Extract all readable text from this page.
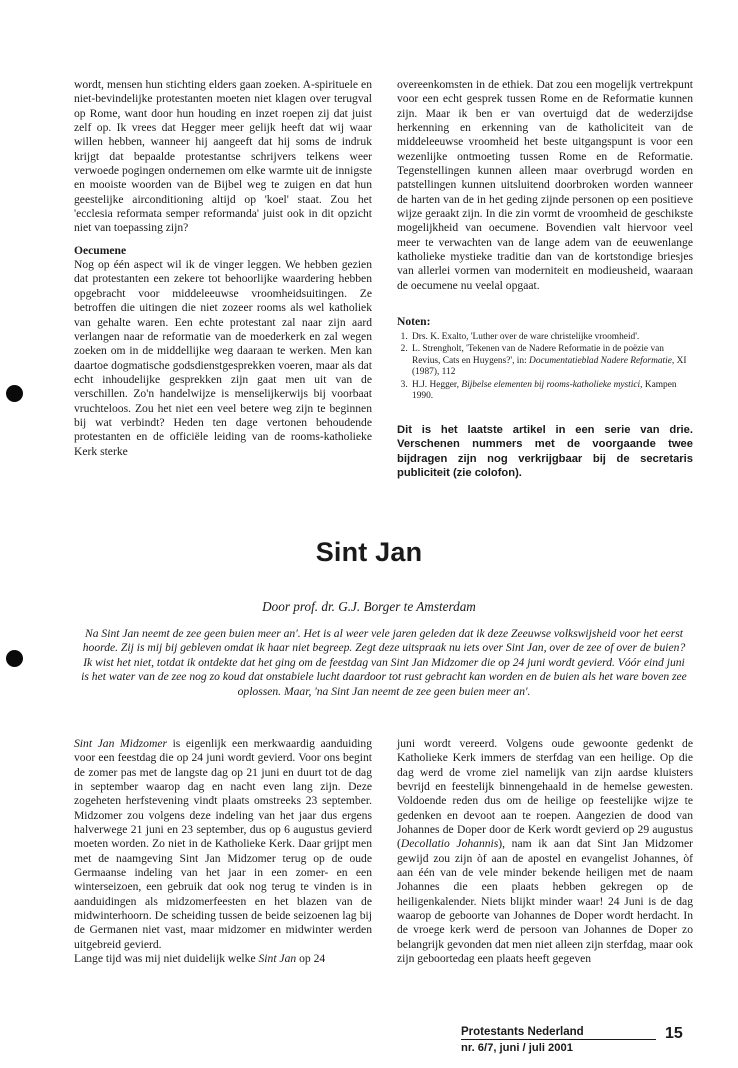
wordt, mensen hun stichting elders gaan zoeken. A-spirituele en niet-bevindelijke protestanten moeten niet klagen over terugval op Rome, want door hun houding en inzet roepen zij dat juist zelf op. Ik vrees dat Hegger meer gelijk heeft dat wij waar willen hebben, wanneer hij aangeeft dat hij soms de indruk krijgt dat bepaalde protestantse schrijvers telkens weer verwoede pogingen ondernemen om elke warmte uit de innigste en mooiste woorden van de Bijbel weg te zuigen en dat hun geestelijke airconditioning altijd op 'koel' staat. Zou het 'ecclesia reformata semper reformanda' juist ook in dit opzicht niet van toepassing zijn?

Oecumene

Nog op één aspect wil ik de vinger leggen. We hebben gezien dat protestanten een zekere tot behoorlijke waardering hebben opgebracht voor middeleeuwse vroomheidsuitingen. Ze betroffen die uitingen die niet zozeer rooms als wel katholiek van gehalte waren. Een echte protestant zal naar zijn aard verlangen naar de reformatie van de moederkerk en zal wegen zoeken om in de middellijke weg daaraan te werken. Men kan daartoe dogmatische godsdienstgesprekken voeren, maar als dat echt inhoudelijke gesprekken zijn gaat men uit van de verschillen. Zo'n handelwijze is menselijkerwijs bij voorbaat vruchteloos. Zou het niet een veel betere weg zijn te beginnen bij wat verbindt? Heden ten dage vertonen behoudende protestanten en de officiële leiding van de rooms-katholieke Kerk sterke

overeenkomsten in de ethiek. Dat zou een mogelijk vertrekpunt voor een echt gesprek tussen Rome en de Reformatie kunnen zijn. Maar ik ben er van overtuigd dat de wederzijdse herkenning en erkenning van de katholiciteit van de middeleeuwse vroomheid het beste uitgangspunt is voor een wezenlijke ontmoeting tussen Rome en de Reformatie. Tegenstellingen kunnen alleen maar overbrugd worden en patstellingen kunnen uitsluitend doorbroken worden wanneer de harten van de in het geding zijnde personen op een positieve wijze geraakt zijn. In die zin vormt de vroomheid de geschikste mogelijkheid van oecumene. Bovendien valt hiervoor veel meer te verwachten van de lange adem van de eeuwenlange katholieke mystieke traditie dan van de kortstondige briesjes van allerlei vormen van moderniteit en modieusheid, waaraan de oecumene nu veelal opgaat.

Noten:

1. Drs. K. Exalto, 'Luther over de ware christelijke vroomheid'.
2. L. Strengholt, 'Tekenen van de Nadere Reformatie in de poëzie van Revius, Cats en Huygens?', in: Documentatieblad Nadere Reformatie, XI (1987), 112
3. H.J. Hegger, Bijbelse elementen bij rooms-katholieke mystici, Kampen 1990.

Dit is het laatste artikel in een serie van drie. Verschenen nummers met de voorgaande twee bijdragen zijn nog verkrijgbaar bij de secretaris publiciteit (zie colofon).

Sint Jan
Door prof. dr. G.J. Borger te Amsterdam
Na Sint Jan neemt de zee geen buien meer an'. Het is al weer vele jaren geleden dat ik deze Zeeuwse volkswijsheid voor het eerst hoorde. Zij is mij bij gebleven omdat ik haar niet begreep. Zegt deze uitspraak nu iets over Sint Jan, over de zee of over de buien? Ik wist het niet, totdat ik ontdekte dat het ging om de feestdag van Sint Jan Midzomer die op 24 juni wordt gevierd. Vóór eind juni is het water van de zee nog zo koud dat onstabiele lucht daardoor tot rust gebracht kan worden en de buien als het ware boven zee oplossen. Maar, 'na Sint Jan neemt de zee geen buien meer an'.

Sint Jan Midzomer is eigenlijk een merkwaardig aanduiding voor een feestdag die op 24 juni wordt gevierd. Voor ons begint de zomer pas met de langste dag op 21 juni en duurt tot de dag in september waarop dag en nacht even lang zijn. Deze zogeheten herfstevening vindt plaats omstreeks 23 september. Midzomer zou volgens deze indeling van het jaar dus ergens halverwege 21 juni en 23 september, dus op 6 augustus gevierd moeten worden. Zo niet in de Katholieke Kerk. Daar grijpt men met de naamgeving Sint Jan Midzomer terug op de oude Germaanse indeling van het jaar in een zomer- en een winterseizoen, een gebruik dat ook nog terug te vinden is in aanduidingen als midzomerfeesten en het blazen van de midwinterhoorn. De scheiding tussen de beide seizoenen lag bij de Germanen niet vast, maar midzomer en midwinter werden uitgebreid gevierd.

Lange tijd was mij niet duidelijk welke Sint Jan op 24

juni wordt vereerd. Volgens oude gewoonte gedenkt de Katholieke Kerk immers de sterfdag van een heilige. Op die dag werd de vrome ziel namelijk van zijn aardse kluisters bevrijd en feestelijk binnengehaald in de hemelse gewesten. Voldoende reden dus om de heilige op feestelijke wijze te gedenken en devoot aan te roepen. Aangezien de dood van Johannes de Doper door de Kerk wordt gevierd op 29 augustus (Decollatio Johannis), nam ik aan dat Sint Jan Midzomer gewijd zou zijn òf aan de apostel en evangelist Johannes, òf aan één van de vele minder bekende heiligen met de naam Johannes die een plaats hebben gekregen op de heiligenkalender. Niets blijkt minder waar! 24 Juni is de dag waarop de geboorte van Johannes de Doper wordt herdacht. In de vroege kerk werd de persoon van Johannes de Doper zo belangrijk gevonden dat men niet alleen zijn sterfdag, maar ook zijn geboortedag een plaats heeft gegeven

Protestants Nederland
nr. 6/7, juni / juli 2001
15
